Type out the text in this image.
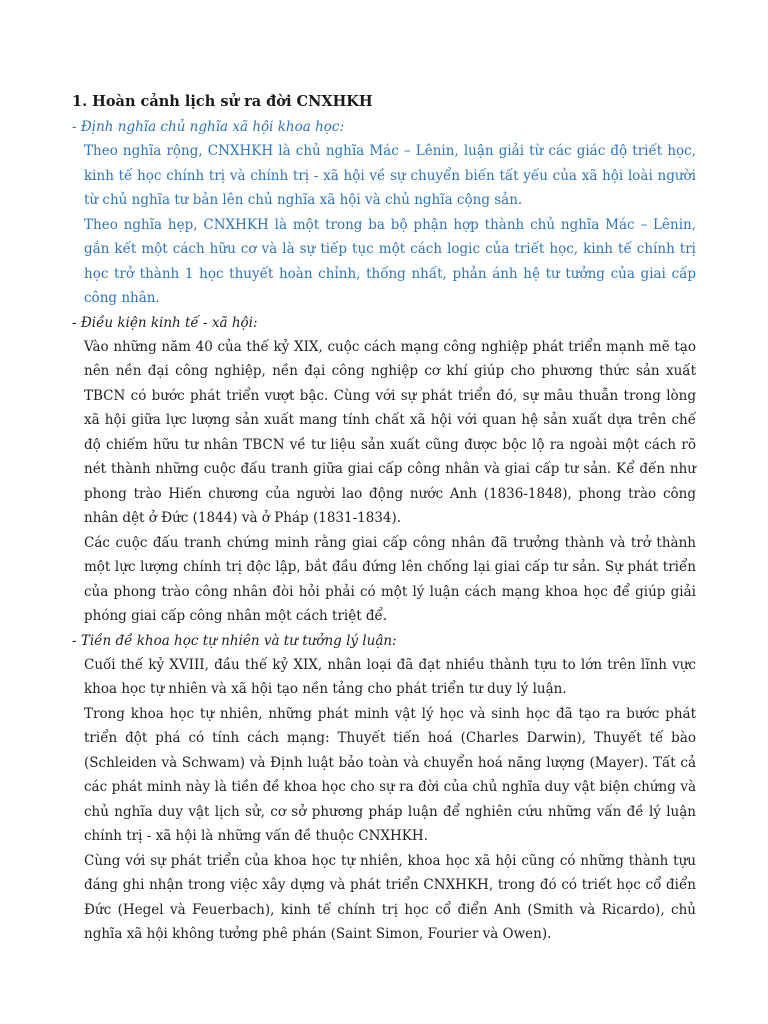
1. Hoàn cảnh lịch sử ra đời CNXHKH

- Định nghĩa chủ nghĩa xã hội khoa học:

Theo nghĩa rộng, CNXHKH là chủ nghĩa Mác – Lênin, luận giải từ các giác độ triết học, kinh tế học chính trị và chính trị - xã hội về sự chuyển biến tất yếu của xã hội loài người từ chủ nghĩa tư bản lên chủ nghĩa xã hội và chủ nghĩa cộng sản.

Theo nghĩa hẹp, CNXHKH là một trong ba bộ phận hợp thành chủ nghĩa Mác – Lênin, gắn kết một cách hữu cơ và là sự tiếp tục một cách logic của triết học, kinh tế chính trị học trở thành 1 học thuyết hoàn chỉnh, thống nhất, phản ánh hệ tư tưởng của giai cấp công nhân.

- Điều kiện kinh tế - xã hội:

Vào những năm 40 của thế kỷ XIX, cuộc cách mạng công nghiệp phát triển mạnh mẽ tạo nên nền đại công nghiệp, nền đại công nghiệp cơ khí giúp cho phương thức sản xuất TBCN có bước phát triển vượt bậc. Cùng với sự phát triển đó, sự mâu thuẫn trong lòng xã hội giữa lực lượng sản xuất mang tính chất xã hội với quan hệ sản xuất dựa trên chế độ chiếm hữu tư nhân TBCN về tư liệu sản xuất cũng được bộc lộ ra ngoài một cách rõ nét thành những cuộc đấu tranh giữa giai cấp công nhân và giai cấp tư sản. Kể đến như phong trào Hiến chương của người lao động nước Anh (1836-1848), phong trào công nhân dệt ở Đức (1844) và ở Pháp (1831-1834).

Các cuộc đấu tranh chứng minh rằng giai cấp công nhân đã trưởng thành và trở thành một lực lượng chính trị độc lập, bắt đầu đứng lên chống lại giai cấp tư sản. Sự phát triển của phong trào công nhân đòi hỏi phải có một lý luận cách mạng khoa học để giúp giải phóng giai cấp công nhân một cách triệt để.

- Tiền đề khoa học tự nhiên và tư tưởng lý luận:

Cuối thế kỷ XVIII, đầu thế kỷ XIX, nhân loại đã đạt nhiều thành tựu to lớn trên lĩnh vực khoa học tự nhiên và xã hội tạo nền tảng cho phát triển tư duy lý luận.

Trong khoa học tự nhiên, những phát minh vật lý học và sinh học đã tạo ra bước phát triển đột phá có tính cách mạng: Thuyết tiến hoá (Charles Darwin), Thuyết tế bào (Schleiden và Schwam) và Định luật bảo toàn và chuyển hoá năng lượng (Mayer). Tất cả các phát minh này là tiền đề khoa học cho sự ra đời của chủ nghĩa duy vật biện chứng và chủ nghĩa duy vật lịch sử, cơ sở phương pháp luận để nghiên cứu những vấn đề lý luận chính trị - xã hội là những vấn đề thuộc CNXHKH.

Cùng với sự phát triển của khoa học tự nhiên, khoa học xã hội cũng có những thành tựu đáng ghi nhận trong việc xây dựng và phát triển CNXHKH, trong đó có triết học cổ điển Đức (Hegel và Feuerbach), kinh tế chính trị học cổ điển Anh (Smith và Ricardo), chủ nghĩa xã hội không tưởng phê phán (Saint Simon, Fourier và Owen).
